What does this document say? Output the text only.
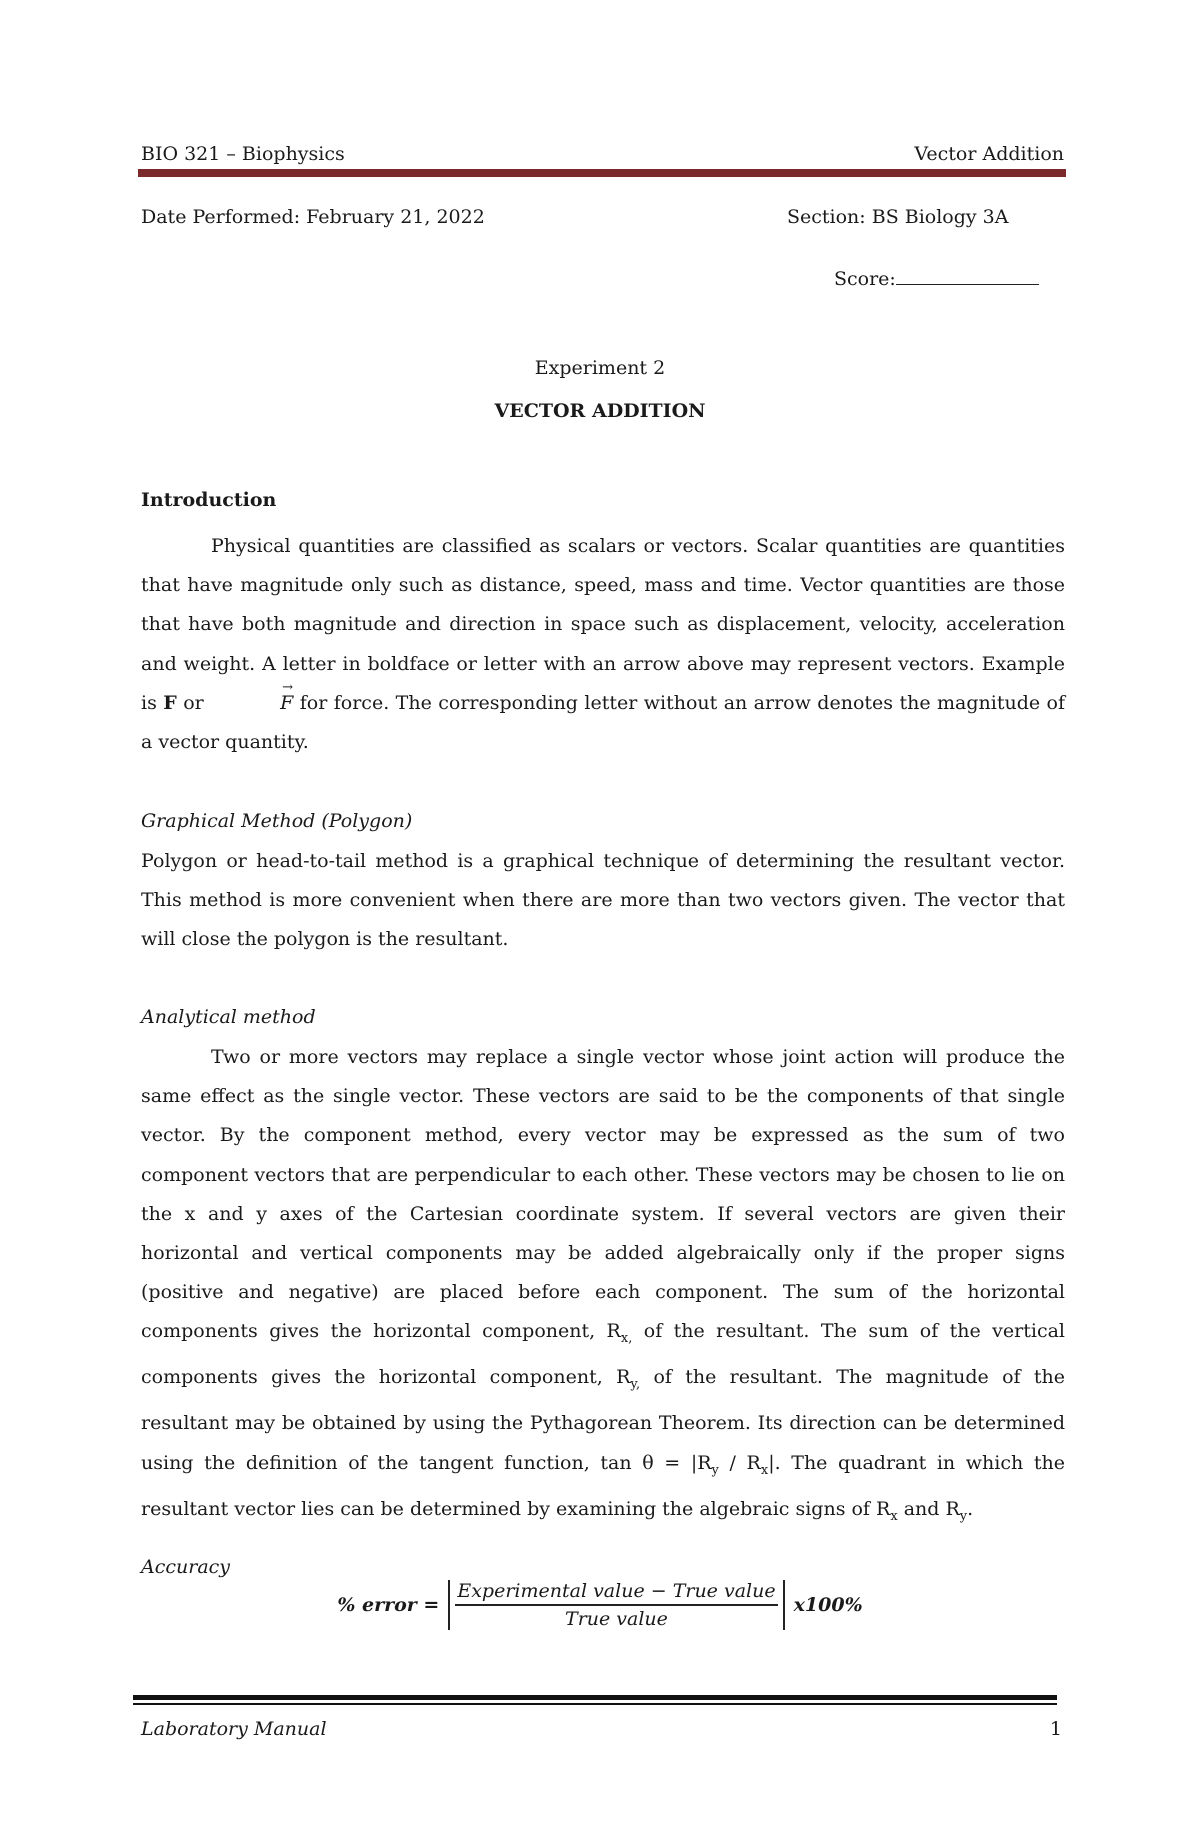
BIO 321 – Biophysics	Vector Addition
Date Performed: February 21, 2022	Section: BS Biology 3A
Score:
Experiment 2
VECTOR ADDITION
Introduction

Physical quantities are classified as scalars or vectors. Scalar quantities are quantities that have magnitude only such as distance, speed, mass and time. Vector quantities are those that have both magnitude and direction in space such as displacement, velocity, acceleration and weight. A letter in boldface or letter with an arrow above may represent vectors. Example is F or →	F for force. The corresponding letter without an arrow denotes the magnitude of a vector quantity.

Graphical Method (Polygon)

Polygon or head-to-tail method is a graphical technique of determining the resultant vector. This method is more convenient when there are more than two vectors given. The vector that will close the polygon is the resultant.

Analytical method

Two or more vectors may replace a single vector whose joint action will produce the same effect as the single vector. These vectors are said to be the components of that single vector. By the component method, every vector may be expressed as the sum of two component vectors that are perpendicular to each other. These vectors may be chosen to lie on the x and y axes of the Cartesian coordinate system. If several vectors are given their horizontal and vertical components may be added algebraically only if the proper signs (positive and negative) are placed before each component. The sum of the horizontal components gives the horizontal component, $R_{x,}$ of the resultant. The sum of the vertical components gives the horizontal component, $R_{y,}$ of the resultant. The magnitude of the resultant may be obtained by using the Pythagorean Theorem. Its direction can be determined using the definition of the tangent function, $\tan \theta = |R_y / R_x|$. The quadrant in which the resultant vector lies can be determined by examining the algebraic signs of $R_x$ and $R_y$.

Accuracy
% error = $\frac{\text{Experimental value − True value}}{\text{True value}} x100\%$
Laboratory Manual	1
